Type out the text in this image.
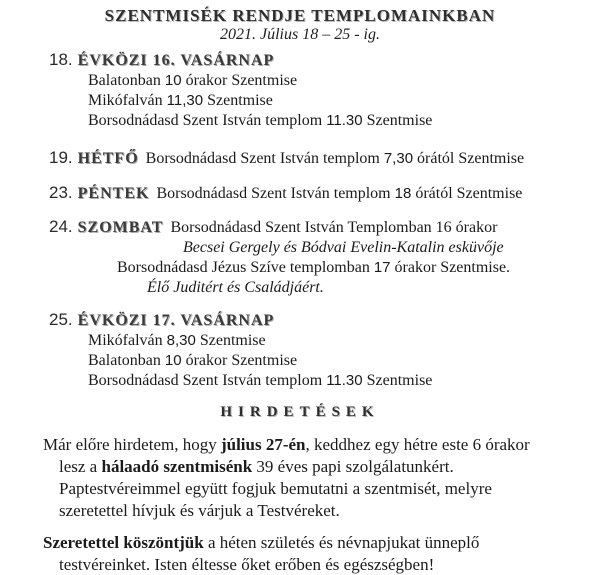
SZENTMISÉK RENDJE TEMPLOMAINKBAN
2021. Július 18 – 25 - ig.
18. ÉVKÖZI 16. VASÁRNAP
Balatonban 10 órakor Szentmise
Mikófalván 11,30 Szentmise
Borsodnádasd Szent István templom 11.30 Szentmise
19. HÉTFŐ Borsodnádasd Szent István templom 7,30 órától Szentmise
23. PÉNTEK Borsodnádasd Szent István templom 18 órától Szentmise
24. SZOMBAT Borsodnádasd Szent István Templomban 16 órakor
Becsei Gergely és Bódvai Evelin-Katalin esküvője
Borsodnádasd Jézus Szíve templomban 17 órakor Szentmise.
Élő Juditért és Családjáért.
25. ÉVKÖZI 17. VASÁRNAP
Mikófalván 8,30 Szentmise
Balatonban 10 órakor Szentmise
Borsodnádasd Szent István templom 11.30 Szentmise
HIRDETÉSEK
Már előre hirdetem, hogy július 27-én, keddhez egy hétre este 6 órakor
lesz a hálaadó szentmisénk 39 éves papi szolgálatunkért.
Paptestvéreimmel együtt fogjuk bemutatni a szentmisét, melyre
szeretettel hívjuk és várjuk a Testvéreket.
Szeretettel köszöntjük a héten születés és névnapjukat ünneplő
testvéreinket. Isten éltesse őket erőben és egészségben!
